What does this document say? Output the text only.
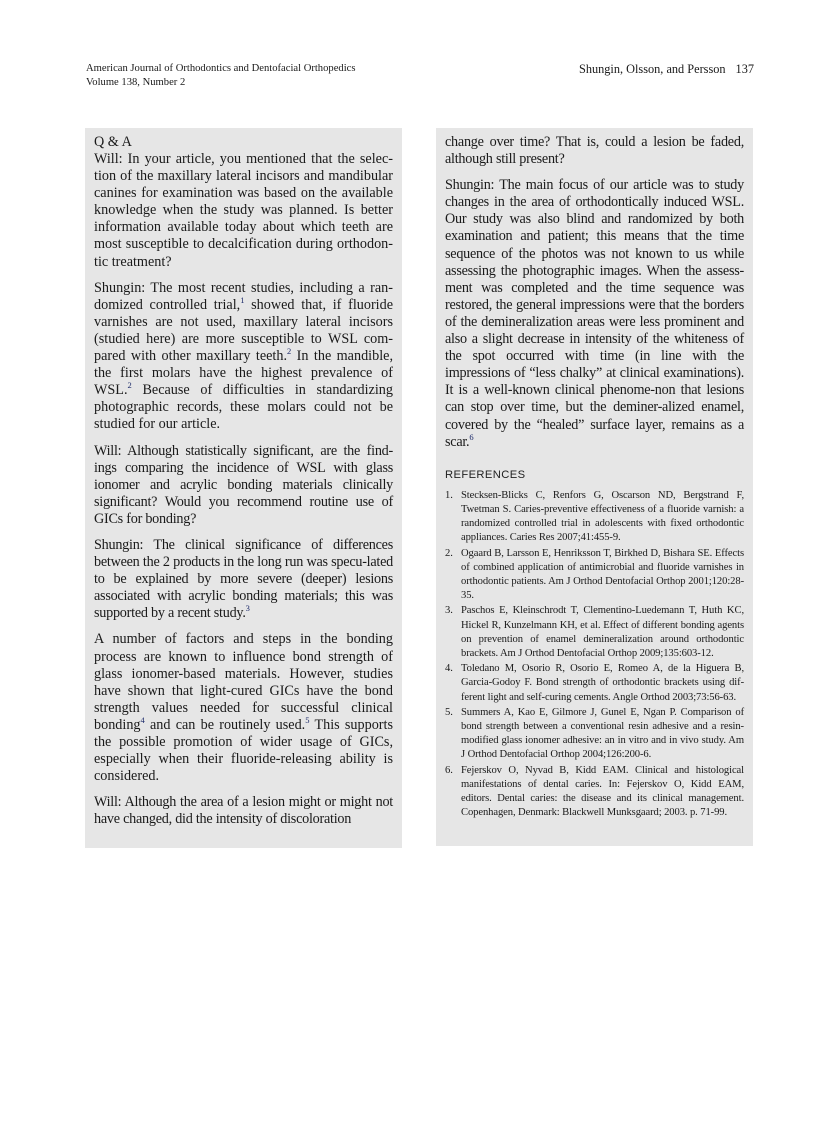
American Journal of Orthodontics and Dentofacial Orthopedics
Volume 138, Number 2
Shungin, Olsson, and Persson 137
Q & A

Will: In your article, you mentioned that the selec-tion of the maxillary lateral incisors and mandibular canines for examination was based on the available knowledge when the study was planned. Is better information available today about which teeth are most susceptible to decalcification during orthodon-tic treatment?

Shungin: The most recent studies, including a ran-domized controlled trial,$^1$ showed that, if fluoride varnishes are not used, maxillary lateral incisors (studied here) are more susceptible to WSL com-pared with other maxillary teeth.$^2$ In the mandible, the first molars have the highest prevalence of WSL.$^2$ Because of difficulties in standardizing photographic records, these molars could not be studied for our article.

Will: Although statistically significant, are the find-ings comparing the incidence of WSL with glass ionomer and acrylic bonding materials clinically significant? Would you recommend routine use of GICs for bonding?

Shungin: The clinical significance of differences between the 2 products in the long run was specu-lated to be explained by more severe (deeper) lesions associated with acrylic bonding materials; this was supported by a recent study.$^3$

A number of factors and steps in the bonding process are known to influence bond strength of glass ionomer-based materials. However, studies have shown that light-cured GICs have the bond strength values needed for successful clinical bonding$^4$ and can be routinely used.$^5$ This supports the possible promotion of wider usage of GICs, especially when their fluoride-releasing ability is considered.

Will: Although the area of a lesion might or might not have changed, did the intensity of discoloration

change over time? That is, could a lesion be faded, although still present?

Shungin: The main focus of our article was to study changes in the area of orthodontically induced WSL. Our study was also blind and randomized by both examination and patient; this means that the time sequence of the photos was not known to us while assessing the photographic images. When the assess-ment was completed and the time sequence was restored, the general impressions were that the borders of the demineralization areas were less prominent and also a slight decrease in intensity of the whiteness of the spot occurred with time (in line with the impressions of “less chalky” at clinical examinations). It is a well-known clinical phenome-non that lesions can stop over time, but the deminer-alized enamel, covered by the “healed” surface layer, remains as a scar.$^6$

REFERENCES
1. Stecksen-Blicks C, Renfors G, Oscarson ND, Bergstrand F, Twetman S. Caries-preventive effectiveness of a fluoride varnish: a randomized controlled trial in adolescents with fixed orthodontic appliances. Caries Res 2007;41:455-9.
2. Ogaard B, Larsson E, Henriksson T, Birkhed D, Bishara SE. Effects of combined application of antimicrobial and fluoride varnishes in orthodontic patients. Am J Orthod Dentofacial Orthop 2001;120:28-35.
3. Paschos E, Kleinschrodt T, Clementino-Luedemann T, Huth KC, Hickel R, Kunzelmann KH, et al. Effect of different bonding agents on prevention of enamel demineralization around orthodontic brackets. Am J Orthod Dentofacial Orthop 2009;135:603-12.
4. Toledano M, Osorio R, Osorio E, Romeo A, de la Higuera B, Garcia-Godoy F. Bond strength of orthodontic brackets using dif-ferent light and self-curing cements. Angle Orthod 2003;73:56-63.
5. Summers A, Kao E, Gilmore J, Gunel E, Ngan P. Comparison of bond strength between a conventional resin adhesive and a resin-modified glass ionomer adhesive: an in vitro and in vivo study. Am J Orthod Dentofacial Orthop 2004;126:200-6.
6. Fejerskov O, Nyvad B, Kidd EAM. Clinical and histological manifestations of dental caries. In: Fejerskov O, Kidd EAM, editors. Dental caries: the disease and its clinical management. Copenhagen, Denmark: Blackwell Munksgaard; 2003. p. 71-99.
